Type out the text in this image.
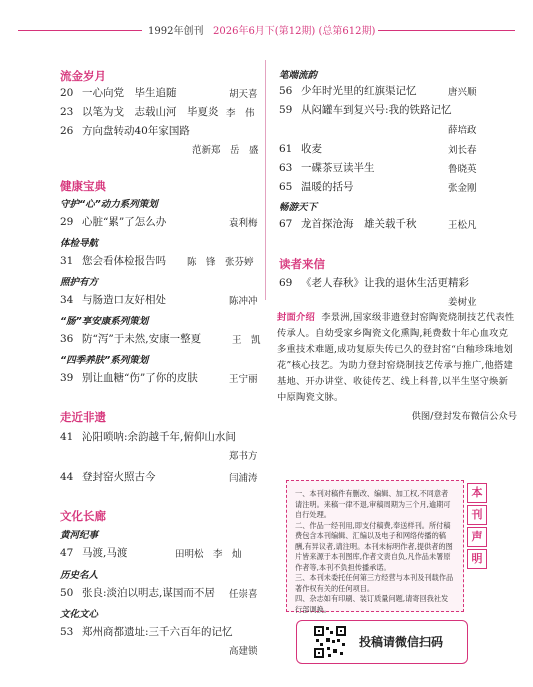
1992年创刊 2026年6月下(第12期) (总第612期)
流金岁月
20 一心向党　毕生追随	胡天喜
23 以笔为戈　志载山河　毕夏炎 李　伟
26 方向盘转动40年家国路
范新郑　岳　盛
健康宝典
守护“心”动力系列策划
29 心脏“累”了怎么办	袁利梅
体检导航
31 您会看体检报告吗 陈　锋　张芬婷
照护有方
34 与肠造口友好相处	陈冲冲
“肠”享安康系列策划
36 防“泻”于未然,安康一整夏	王　凯
“四季养肤”系列策划
39 别让血糖“伤”了你的皮肤	王宁丽
走近非遗
41 沁阳唢呐:余韵越千年,俯仰山水间
郑书方
44 登封窑火照古今	闫浦涛
文化长廊
黄河纪事
47 马渡,马渡	田明松　李　灿
历史名人
50 张良:淡泊以明志,谋国而不居 任崇喜
文化文心
53 郑州商都遗址:三千六百年的记忆
高建锁
笔端流韵
56 少年时光里的红旗渠记忆	唐兴顺
59 从闷罐车到复兴号:我的铁路记忆
薛培政
61 收麦	刘长春
63 一碟茶豆读半生	鲁晓英
65 温暖的括号	张金刚
畅游天下
67 龙首探沧海　雄关载千秋	王松凡
读者来信
69 《老人春秋》让我的退休生活更精彩
姜树业
封面介绍 李景洲,国家级非遗登封窑陶瓷烧制技艺代表性传承人。自幼受家乡陶瓷文化熏陶,耗费数十年心血攻克多重技术难题,成功复原失传已久的登封窑“白釉珍珠地划花”核心技艺。为助力登封窑烧制技艺传承与推广,他搭建基地、开办讲堂、收徒传艺、线上科普,以半生坚守焕新中原陶瓷文脉。
供图/登封发布微信公众号

一、本刊对稿件有删改、编辑、加工权,不同意者请注明。来稿一律不退,审稿周期为三个月,逾期可自行处理。

二、作品一经刊用,即支付稿费,奉送样刊。所付稿费包含本刊编辑、汇编以及电子和网络传播的稿酬,有异议者,请注明。本刊未标明作者,提供者的图片皆来源于本刊图库,作者文责自负,凡作品未署原作者等,本刊不负担传播承诺。

三、本刊未委托任何第三方经营与本刊及刊载作品著作权有关的任何项目。

四、杂志如有印刷、装订质量问题,请寄回我社发行部调换。

本
刊
声
明
投稿请微信扫码
